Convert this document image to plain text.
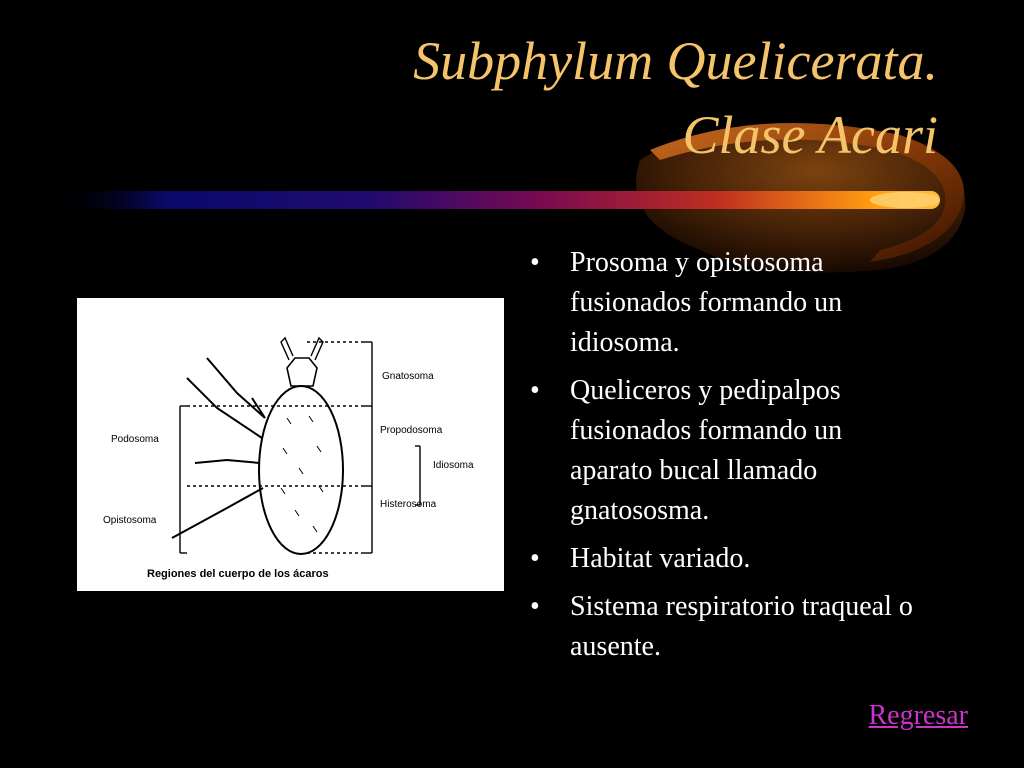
Subphylum Quelicerata.
Clase Acari
Gnatosoma
Podosoma
Propodosoma
Idiosoma
Histerosoma
Opistosoma
Regiones del cuerpo de los ácaros
• Prosoma y opistosoma fusionados formando un idiosoma.
• Queliceros y pedipalpos fusionados formando un aparato bucal llamado gnatososma.
• Habitat variado.
• Sistema respiratorio traqueal o ausente.
Regresar
